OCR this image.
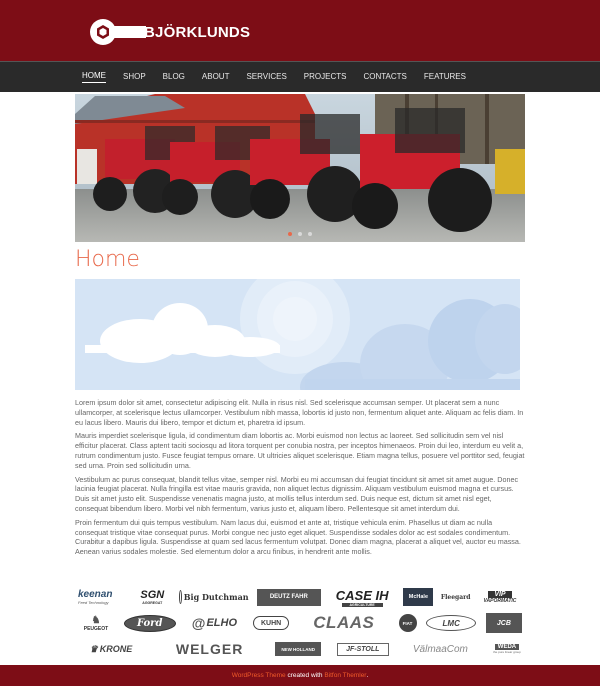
BJÖRKLUNDS
HOME SHOP BLOG ABOUT SERVICES PROJECTS CONTACTS FEATURES
Home

Lorem ipsum dolor sit amet, consectetur adipiscing elit. Nulla in risus nisl. Sed scelerisque accumsan semper. Ut placerat sem a nunc ullamcorper, at scelerisque lectus ullamcorper. Vestibulum nibh massa, lobortis id justo non, fermentum aliquet ante. Aliquam ac felis diam. In eu lacus libero. Mauris dui libero, tempor et dictum et, pharetra id ipsum.

Mauris imperdiet scelerisque ligula, id condimentum diam lobortis ac. Morbi euismod non lectus ac laoreet. Sed sollicitudin sem vel nisl efficitur placerat. Class aptent taciti sociosqu ad litora torquent per conubia nostra, per inceptos himenaeos. Proin dui leo, interdum eu velit a, rutrum condimentum justo. Fusce feugiat tempus ornare. Ut ultricies aliquet scelerisque. Etiam magna tellus, posuere vel porttitor sed, feugiat sed urna. Proin sed sollicitudin urna.

Vestibulum ac purus consequat, blandit tellus vitae, semper nisl. Morbi eu mi accumsan dui feugiat tincidunt sit amet sit amet augue. Donec lacinia feugiat placerat. Nulla fringilla est vitae mauris gravida, non aliquet lectus dignissim. Aliquam vestibulum euismod magna et cursus. Duis sit amet justo elit. Suspendisse venenatis magna justo, at mollis tellus interdum sed. Duis neque est, dictum sit amet nisl eget, consequat bibendum libero. Morbi vel nibh fermentum, varius justo et, aliquam libero. Pellentesque sit amet interdum dui.

Proin fermentum dui quis tempus vestibulum. Nam lacus dui, euismod et ante at, tristique vehicula enim. Phasellus ut diam ac nulla consequat tristique vitae consequat purus. Morbi congue nec justo eget aliquet. Suspendisse sodales dolor ac est sodales condimentum. Curabitur a dapibus ligula. Suspendisse at quam sed lacus fermentum volutpat. Donec diam magna, placerat a aliquet vel, auctor eu massa. Aenean varius sodales molestie. Sed elementum dolor a arcu finibus, in hendrerit ante mollis.

keenan
Feed Technology
SGN
AGGREGAT
Big Dutchman	DEUTZ FAHR CASE IH
AGRICULTURE
McHale Fleegard	VIP
VAPORMATIC
♞
PEUGEOT	Ford @ ELHO	KUHN CLAAS	FIAT	LMC	JCB
♛ KRONE	WELGER	NEW HOLLAND	JF-STOLL	VälmaaCom	WEDA
the pure linear group
WordPress Theme created with Bitfon Themler .
